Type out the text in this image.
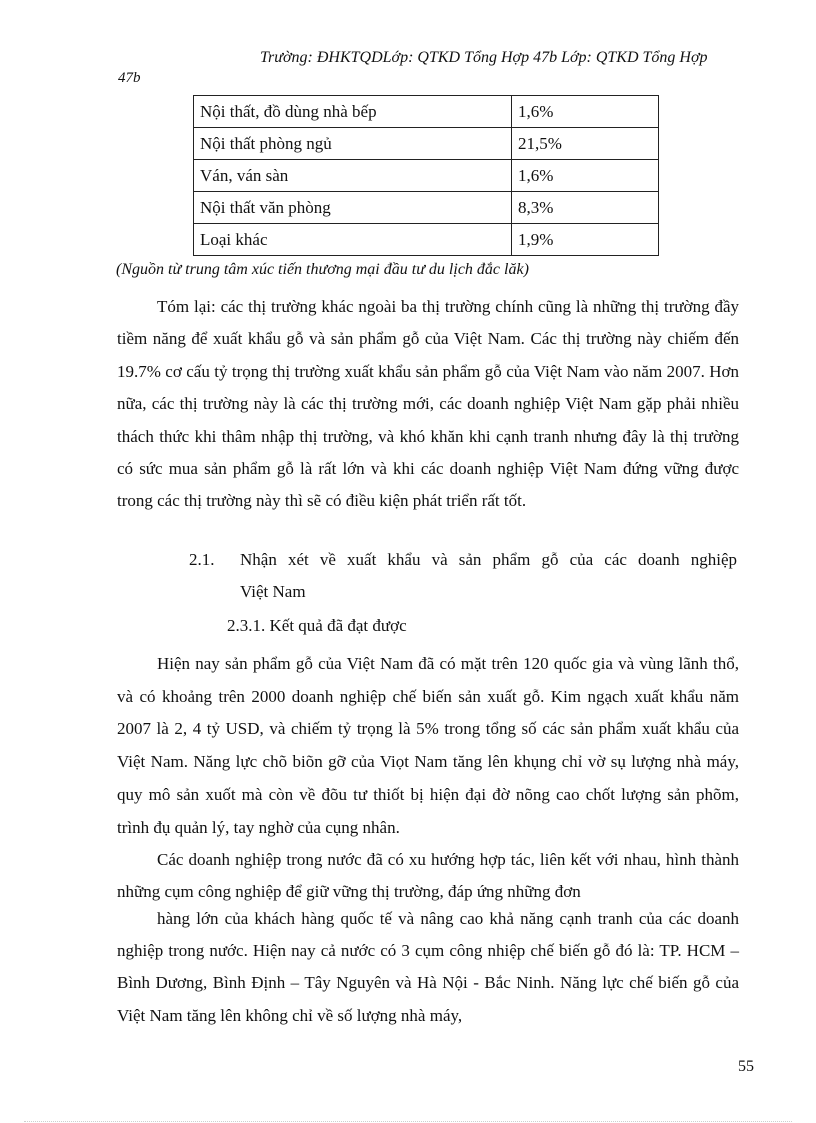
Trường: ĐHKTQDLớp: QTKD Tổng Hợp 47b Lớp: QTKD Tổng Hợp
47b
Nội thất, đồ dùng nhà bếp	1,6%
Nội thất phòng ngủ	21,5%
Ván, ván sàn	1,6%
Nội thất văn phòng	8,3%
Loại khác	1,9%
(Nguồn từ trung tâm xúc tiến thương mại đầu tư du lịch đắc lăk)

Tóm lại: các thị trường khác ngoài ba thị trường chính cũng là những thị trường đầy tiềm năng để xuất khẩu gỗ và sản phẩm gỗ của Việt Nam. Các thị trường này chiếm đến 19.7% cơ cấu tỷ trọng thị trường xuất khẩu sản phẩm gỗ của Việt Nam vào năm 2007. Hơn nữa, các thị trường này là các thị trường mới, các doanh nghiệp Việt Nam gặp phải nhiều thách thức khi thâm nhập thị trường, và khó khăn khi cạnh tranh nhưng đây là thị trường có sức mua sản phẩm gỗ là rất lớn và khi các doanh nghiệp Việt Nam đứng vững được trong các thị trường này thì sẽ có điều kiện phát triển rất tốt.

2.1. Nhận xét về xuất khẩu và sản phẩm gỗ của các doanh nghiệp
Việt Nam
2.3.1. Kết quả đã đạt được

Hiện nay sản phẩm gỗ của Việt Nam đã có mặt trên 120 quốc gia và vùng lãnh thổ, và có khoảng trên 2000 doanh nghiệp chế biến sản xuất gỗ. Kim ngạch xuất khẩu năm 2007 là 2, 4 tỷ USD, và chiếm tỷ trọng là 5% trong tổng số các sản phẩm xuất khẩu của Việt Nam. Năng lực chõ biõn gỡ của Viọt Nam tăng lên khụng chỉ vờ sụ lượng nhà máy, quy mô sản xuốt mà còn về đõu tư thiốt bị hiện đại đờ nõng cao chốt lượng sản phõm, trình đụ quản lý, tay nghờ của cụng nhân.

Các doanh nghiệp trong nước đã có xu hướng hợp tác, liên kết với nhau, hình thành những cụm công nghiệp để giữ vững thị trường, đáp ứng những đơn

hàng lớn của khách hàng quốc tế và nâng cao khả năng cạnh tranh của các doanh nghiệp trong nước. Hiện nay cả nước có 3 cụm công nhiệp chế biến gỗ đó là: TP. HCM – Bình Dương, Bình Định – Tây Nguyên và Hà Nội - Bắc Ninh. Năng lực chế biến gỗ của Việt Nam tăng lên không chỉ về số lượng nhà máy,

55
